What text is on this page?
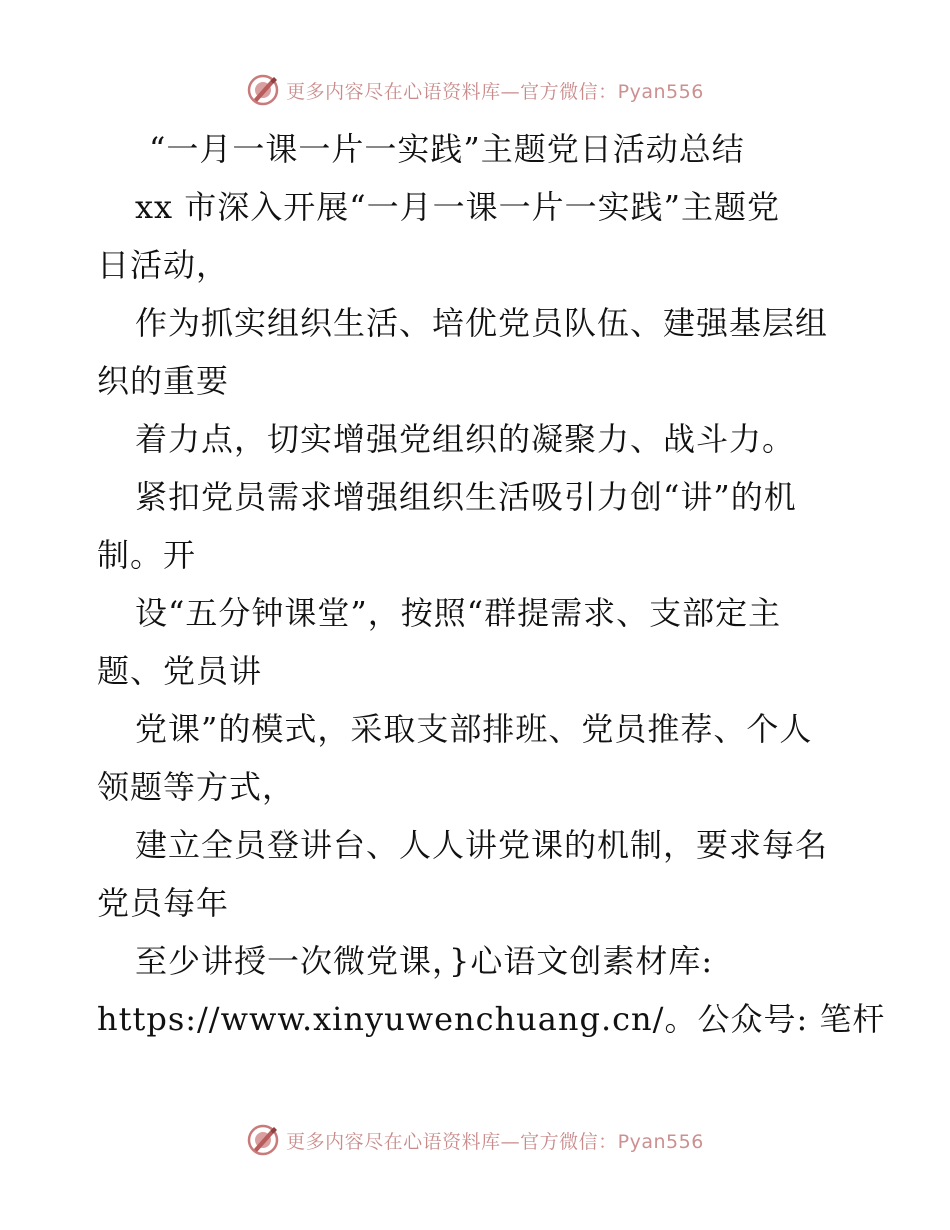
更多内容尽在心语资料库—官方微信：Pyan556
“一月一课一片一实践”主题党日活动总结
xx 市深入开展“一月一课一片一实践”主题党
日活动，
作为抓实组织生活、培优党员队伍、建强基层组
织的重要
着力点，切实增强党组织的凝聚力、战斗力。
紧扣党员需求增强组织生活吸引力创“讲”的机
制。开
设“五分钟课堂”，按照“群提需求、支部定主
题、党员讲
党课”的模式，采取支部排班、党员推荐、个人
领题等方式，
建立全员登讲台、人人讲党课的机制，要求每名
党员每年
至少讲授一次微党课，}心语文创素材库:
https://www.xinyuwenchuang.cn/。公众号: 笔杆
更多内容尽在心语资料库—官方微信：Pyan556
